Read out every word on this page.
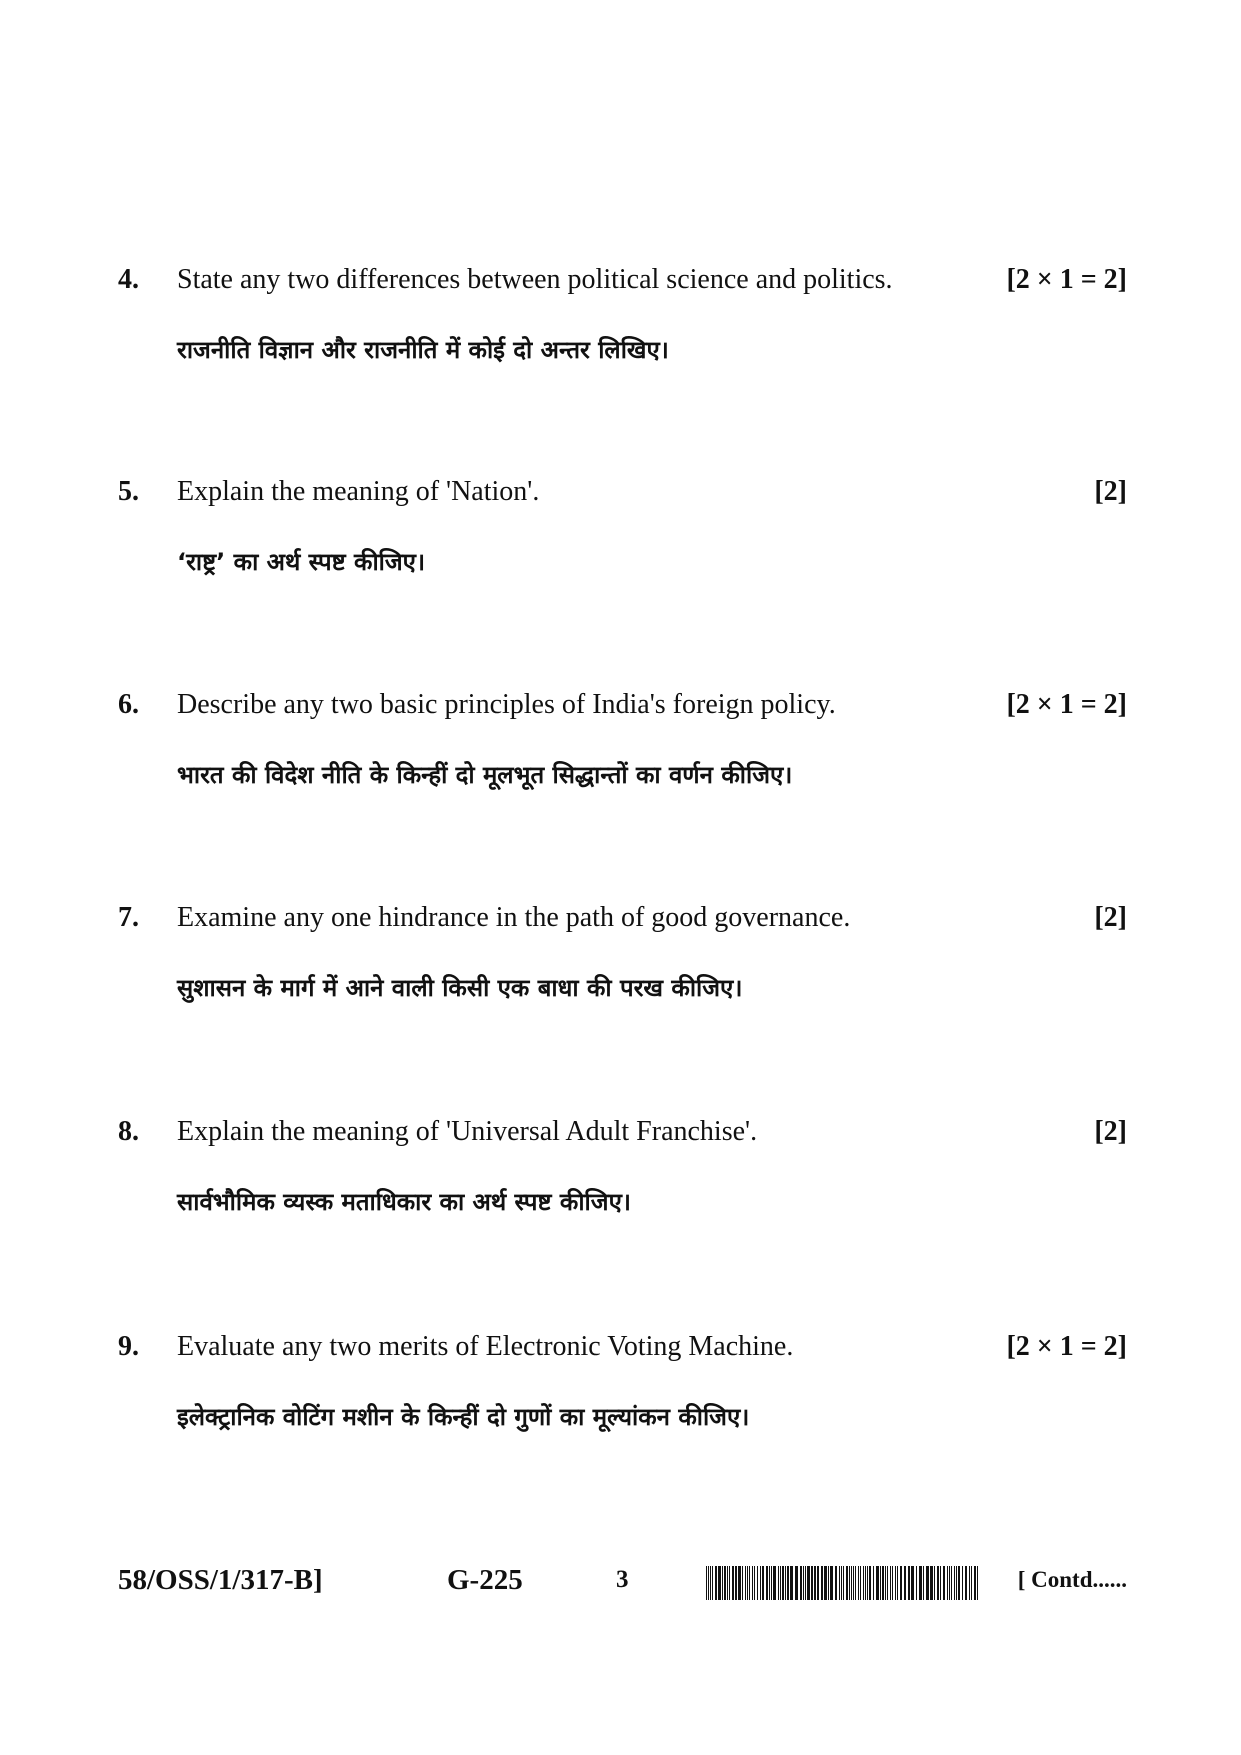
4. State any two differences between political science and politics.	[2 × 1 = 2]
राजनीति विज्ञान और राजनीति में कोई दो अन्तर लिखिए।
5. Explain the meaning of 'Nation'.	[2]
‘राष्ट्र’ का अर्थ स्पष्ट कीजिए।
6. Describe any two basic principles of India's foreign policy.	[2 × 1 = 2]
भारत की विदेश नीति के किन्हीं दो मूलभूत सिद्धान्तों का वर्णन कीजिए।
7. Examine any one hindrance in the path of good governance.	[2]
सुशासन के मार्ग में आने वाली किसी एक बाधा की परख कीजिए।
8. Explain the meaning of 'Universal Adult Franchise'.	[2]
सार्वभौमिक व्यस्क मताधिकार का अर्थ स्पष्ट कीजिए।
9. Evaluate any two merits of Electronic Voting Machine.	[2 × 1 = 2]
इलेक्ट्रानिक वोटिंग मशीन के किन्हीं दो गुणों का मूल्यांकन कीजिए।
58/OSS/1/317-B]	G-225	3	[ Contd......
